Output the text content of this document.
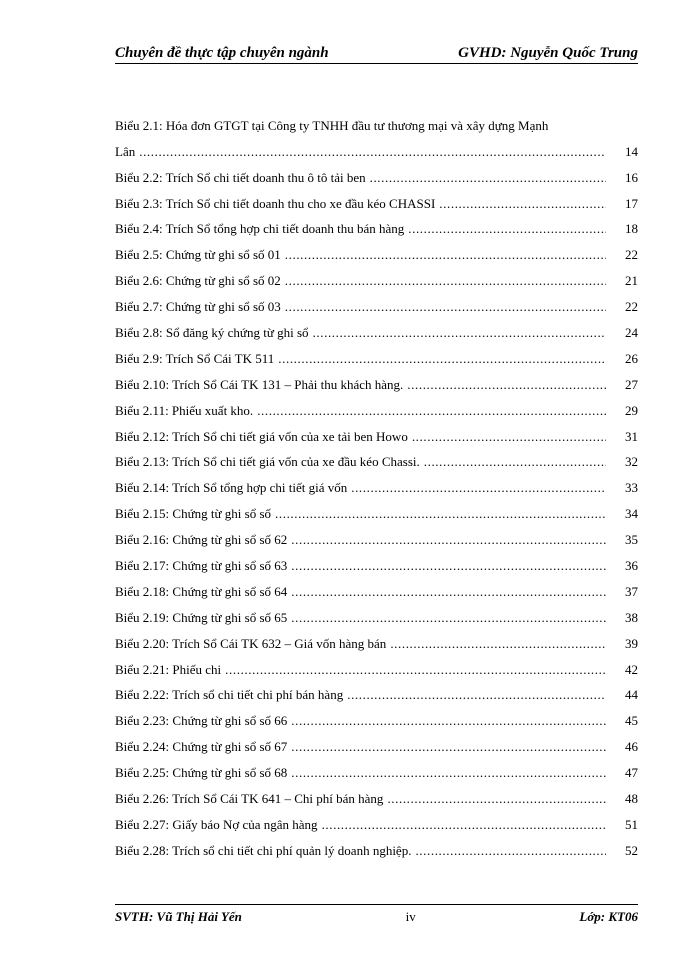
Chuyên đề thực tập chuyên ngành	GVHD: Nguyễn Quốc Trung
Biểu 2.1: Hóa đơn GTGT tại Công ty TNHH đầu tư thương mại và xây dựng Mạnh
Lân .....	14
Biểu 2.2: Trích Sổ chi tiết doanh thu ô tô tải ben .....	16
Biểu 2.3: Trích Sổ chi tiết doanh thu cho xe đầu kéo CHASSI .....	17
Biểu 2.4: Trích Sổ tổng hợp chi tiết doanh thu bán hàng .....	18
Biểu 2.5: Chứng từ ghi sổ số 01 .....	22
Biểu 2.6: Chứng từ ghi sổ số 02 .....	21
Biểu 2.7: Chứng từ ghi sổ số 03 .....	22
Biểu 2.8: Sổ đăng ký chứng từ ghi sổ .....	24
Biểu 2.9: Trích Sổ Cái TK 511 .....	26
Biểu 2.10: Trích Sổ Cái TK 131 – Phải thu khách hàng. .....	27
Biểu 2.11: Phiếu xuất kho. .....	29
Biểu 2.12: Trích Sổ chi tiết giá vốn của xe tải ben Howo .....	31
Biểu 2.13: Trích Sổ chi tiết giá vốn của xe đầu kéo Chassi. .....	32
Biểu 2.14: Trích Sổ tổng hợp chi tiết giá vốn .....	33
Biểu 2.15: Chứng từ ghi sổ số .....	34
Biểu 2.16: Chứng từ ghi sổ số 62 .....	35
Biểu 2.17: Chứng từ ghi sổ số 63 .....	36
Biểu 2.18: Chứng từ ghi sổ số 64 .....	37
Biểu 2.19: Chứng từ ghi sổ số 65 .....	38
Biểu 2.20: Trích Sổ Cái TK 632 – Giá vốn hàng bán .....	39
Biểu 2.21: Phiếu chi .....	42
Biểu 2.22: Trích sổ chi tiết chi phí bán hàng .....	44
Biểu 2.23: Chứng từ ghi sổ số 66 .....	45
Biểu 2.24: Chứng từ ghi sổ số 67 .....	46
Biểu 2.25: Chứng từ ghi sổ số 68 .....	47
Biểu 2.26: Trích Sổ Cái TK 641 – Chi phí bán hàng .....	48
Biểu 2.27: Giấy báo Nợ của ngân hàng .....	51
Biểu 2.28: Trích sổ chi tiết chi phí quản lý doanh nghiệp. .....	52
SVTH: Vũ Thị Hải Yến	iv	Lớp: KT06
